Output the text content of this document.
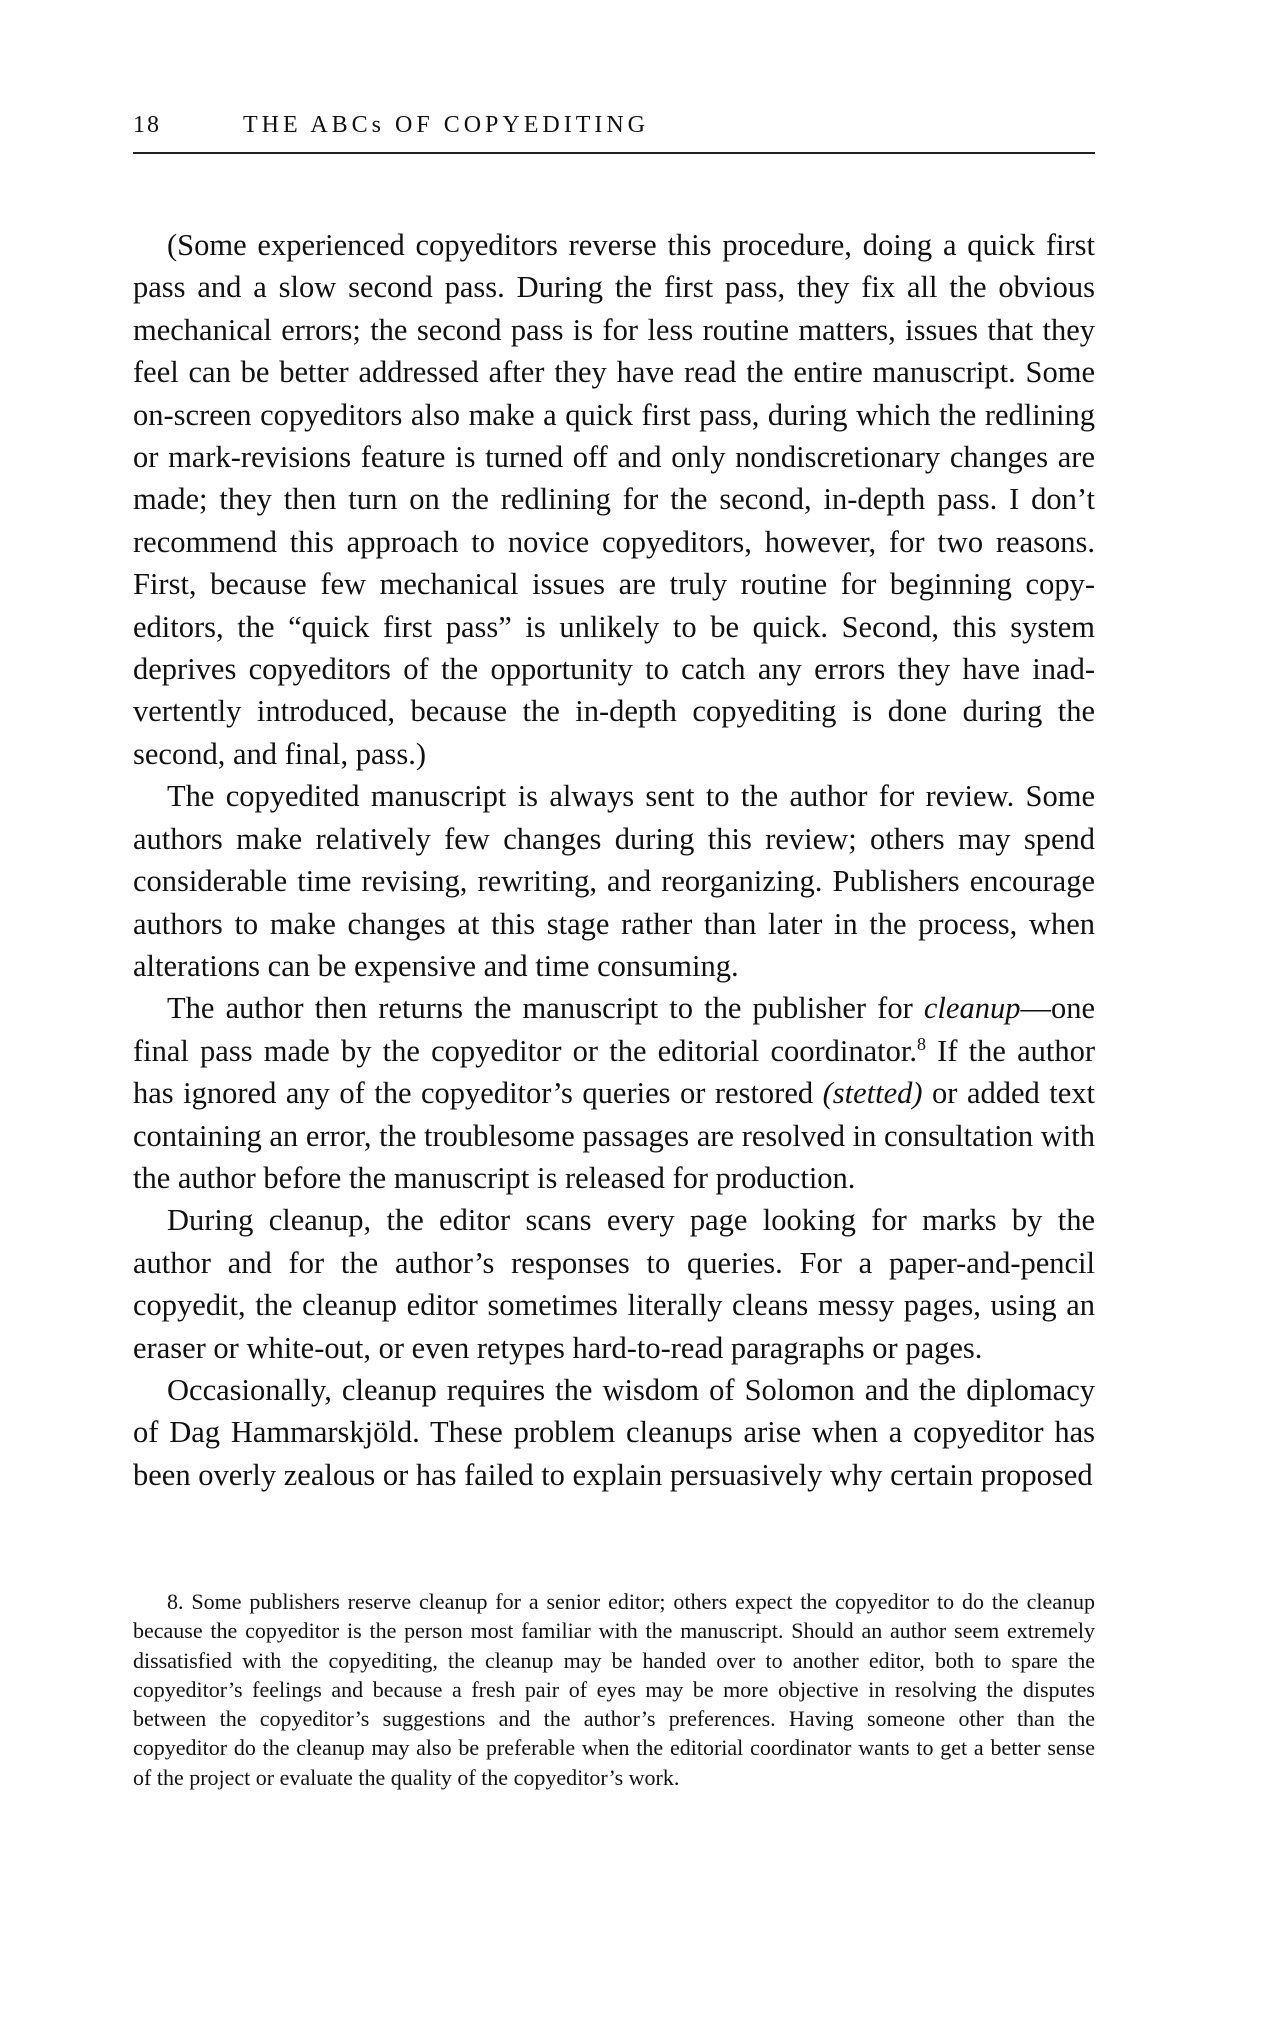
18	THE ABCs OF COPYEDITING

(Some experienced copyeditors reverse this procedure, doing a quick first pass and a slow second pass. During the first pass, they fix all the obvious mechanical errors; the second pass is for less routine matters, issues that they feel can be better addressed after they have read the entire manuscript. Some on-screen copyeditors also make a quick first pass, during which the redlining or mark-revisions feature is turned off and only nondiscretionary changes are made; they then turn on the redlining for the second, in-depth pass. I don’t recommend this approach to novice copyeditors, however, for two reasons. First, because few mechanical issues are truly routine for beginning copyeditors, the “quick first pass” is unlikely to be quick. Second, this system deprives copyeditors of the opportunity to catch any errors they have inadvertently introduced, because the in-depth copyediting is done during the second, and final, pass.)

The copyedited manuscript is always sent to the author for review. Some authors make relatively few changes during this review; others may spend considerable time revising, rewriting, and reorganizing. Publishers encourage authors to make changes at this stage rather than later in the process, when alterations can be expensive and time consuming.

The author then returns the manuscript to the publisher for cleanup—one final pass made by the copyeditor or the editorial coordinator.$^8$ If the author has ignored any of the copyeditor’s queries or restored (stetted) or added text containing an error, the troublesome passages are resolved in consultation with the author before the manuscript is released for production.

During cleanup, the editor scans every page looking for marks by the author and for the author’s responses to queries. For a paper-and-pencil copyedit, the cleanup editor sometimes literally cleans messy pages, using an eraser or white-out, or even retypes hard-to-read paragraphs or pages.

Occasionally, cleanup requires the wisdom of Solomon and the diplomacy of Dag Hammarskjöld. These problem cleanups arise when a copyeditor has been overly zealous or has failed to explain persuasively why certain proposed

8. Some publishers reserve cleanup for a senior editor; others expect the copyeditor to do the cleanup because the copyeditor is the person most familiar with the manuscript. Should an author seem extremely dissatisfied with the copyediting, the cleanup may be handed over to another editor, both to spare the copyeditor’s feelings and because a fresh pair of eyes may be more objective in resolving the disputes between the copyeditor’s suggestions and the author’s preferences. Having someone other than the copyeditor do the cleanup may also be preferable when the editorial coordinator wants to get a better sense of the project or evaluate the quality of the copyeditor’s work.
